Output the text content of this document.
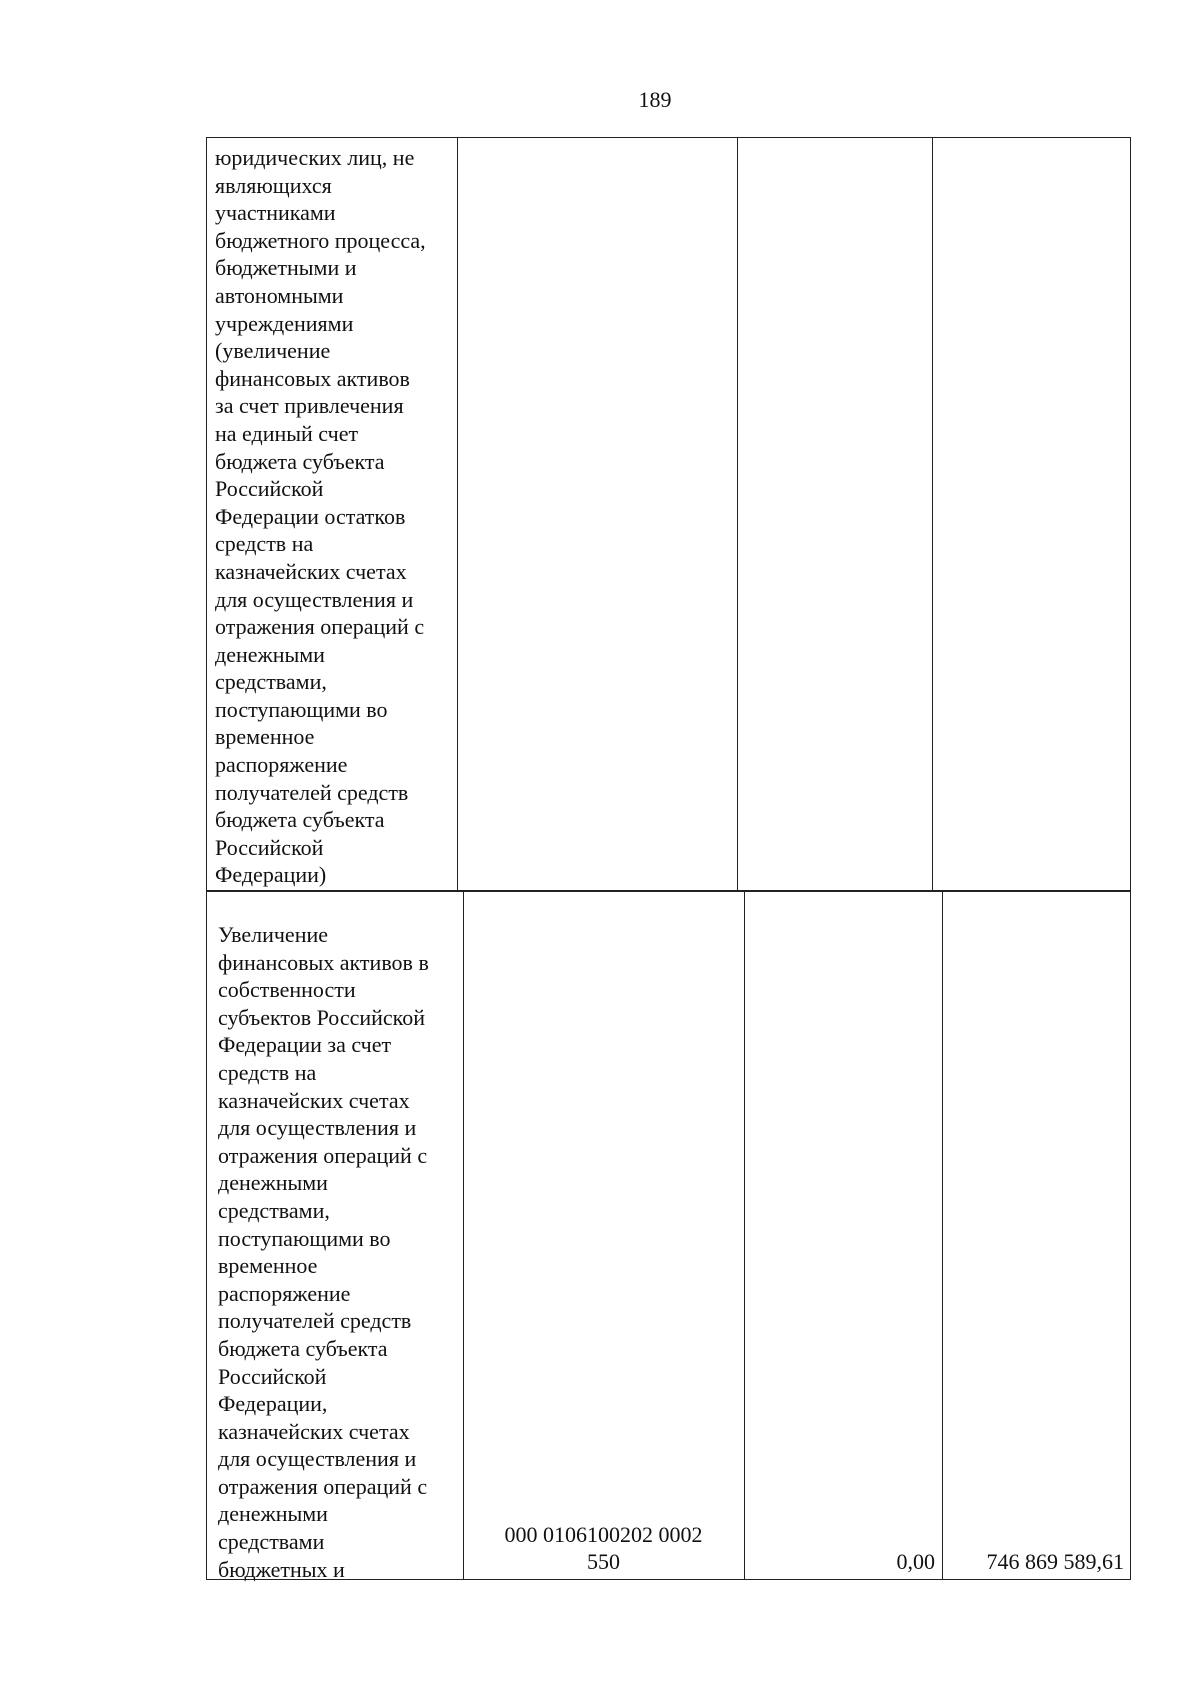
189
юридических лиц, не
являющихся
участниками
бюджетного процесса,
бюджетными и
автономными
учреждениями
(увеличение
финансовых активов
за счет привлечения
на единый счет
бюджета субъекта
Российской
Федерации остатков
средств на
казначейских счетах
для осуществления и
отражения операций с
денежными
средствами,
поступающими во
временное
распоряжение
получателей средств
бюджета субъекта
Российской
Федерации)
Увеличение
финансовых активов в
собственности
субъектов Российской
Федерации за счет
средств на
казначейских счетах
для осуществления и
отражения операций с
денежными
средствами,
поступающими во
временное
распоряжение
получателей средств
бюджета субъекта
Российской
Федерации,
казначейских счетах
для осуществления и
отражения операций с
денежными
средствами
бюджетных и
000 0106100202 0002
550	0,00	746 869 589,61
